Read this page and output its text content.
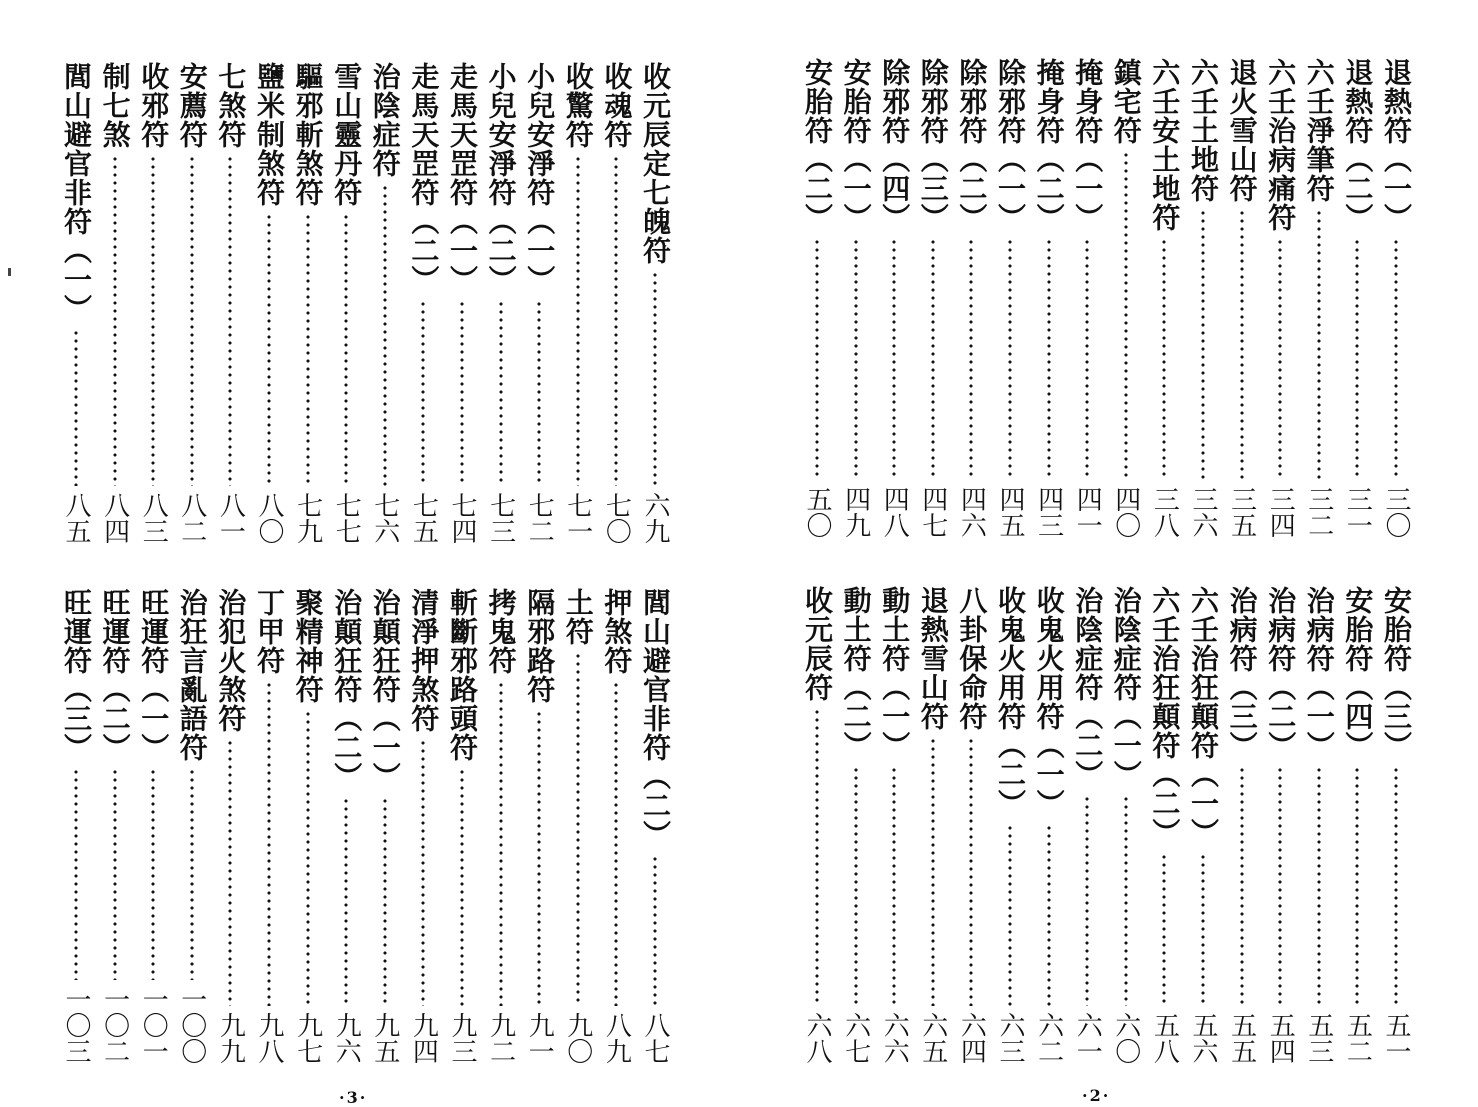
收元辰定七魄符
六九
收魂符
七〇
收驚符
七一
小兒安淨符（一）
七二
小兒安淨符（二）
七三
走馬天罡符（一）
七四
走馬天罡符（二）
七五
治陰症符
七六
雪山靈丹符
七七
驅邪斬煞符
七九
鹽米制煞符
八〇
七煞符
八一
安薦符
八二
收邪符
八三
制七煞
八四
閭山避官非符（一）
八五
閭山避官非符（二）
八七
押煞符
八九
土符
九〇
隔邪路符
九一
拷鬼符
九二
斬斷邪路頭符
九三
清淨押煞符
九四
治顛狂符（一）
九五
治顛狂符（二）
九六
聚精神符
九七
丁甲符
九八
治犯火煞符
九九
治狂言亂語符
一〇〇
旺運符（一）
一〇一
旺運符（二）
一〇二
旺運符（三）
一〇三
·3·
退熱符（一）
三〇
退熱符（二）
三一
六壬淨筆符
三二
六壬治病痛符
三四
退火雪山符
三五
六壬土地符
三六
六壬安土地符
三八
鎮宅符
四〇
掩身符（一）
四一
掩身符（二）
四三
除邪符（一）
四五
除邪符（二）
四六
除邪符（三）
四七
除邪符（四）
四八
安胎符（一）
四九
安胎符（二）
五〇
安胎符（三）
五一
安胎符（四）
五二
治病符（一）
五三
治病符（二）
五四
治病符（三）
五五
六壬治狂顛符（一）
五六
六壬治狂顛符（二）
五八
治陰症符（一）
六〇
治陰症符（二）
六一
收鬼火用符（一）
六二
收鬼火用符（二）
六三
八卦保命符
六四
退熱雪山符
六五
動土符（一）
六六
動土符（二）
六七
收元辰符
六八
·2·
